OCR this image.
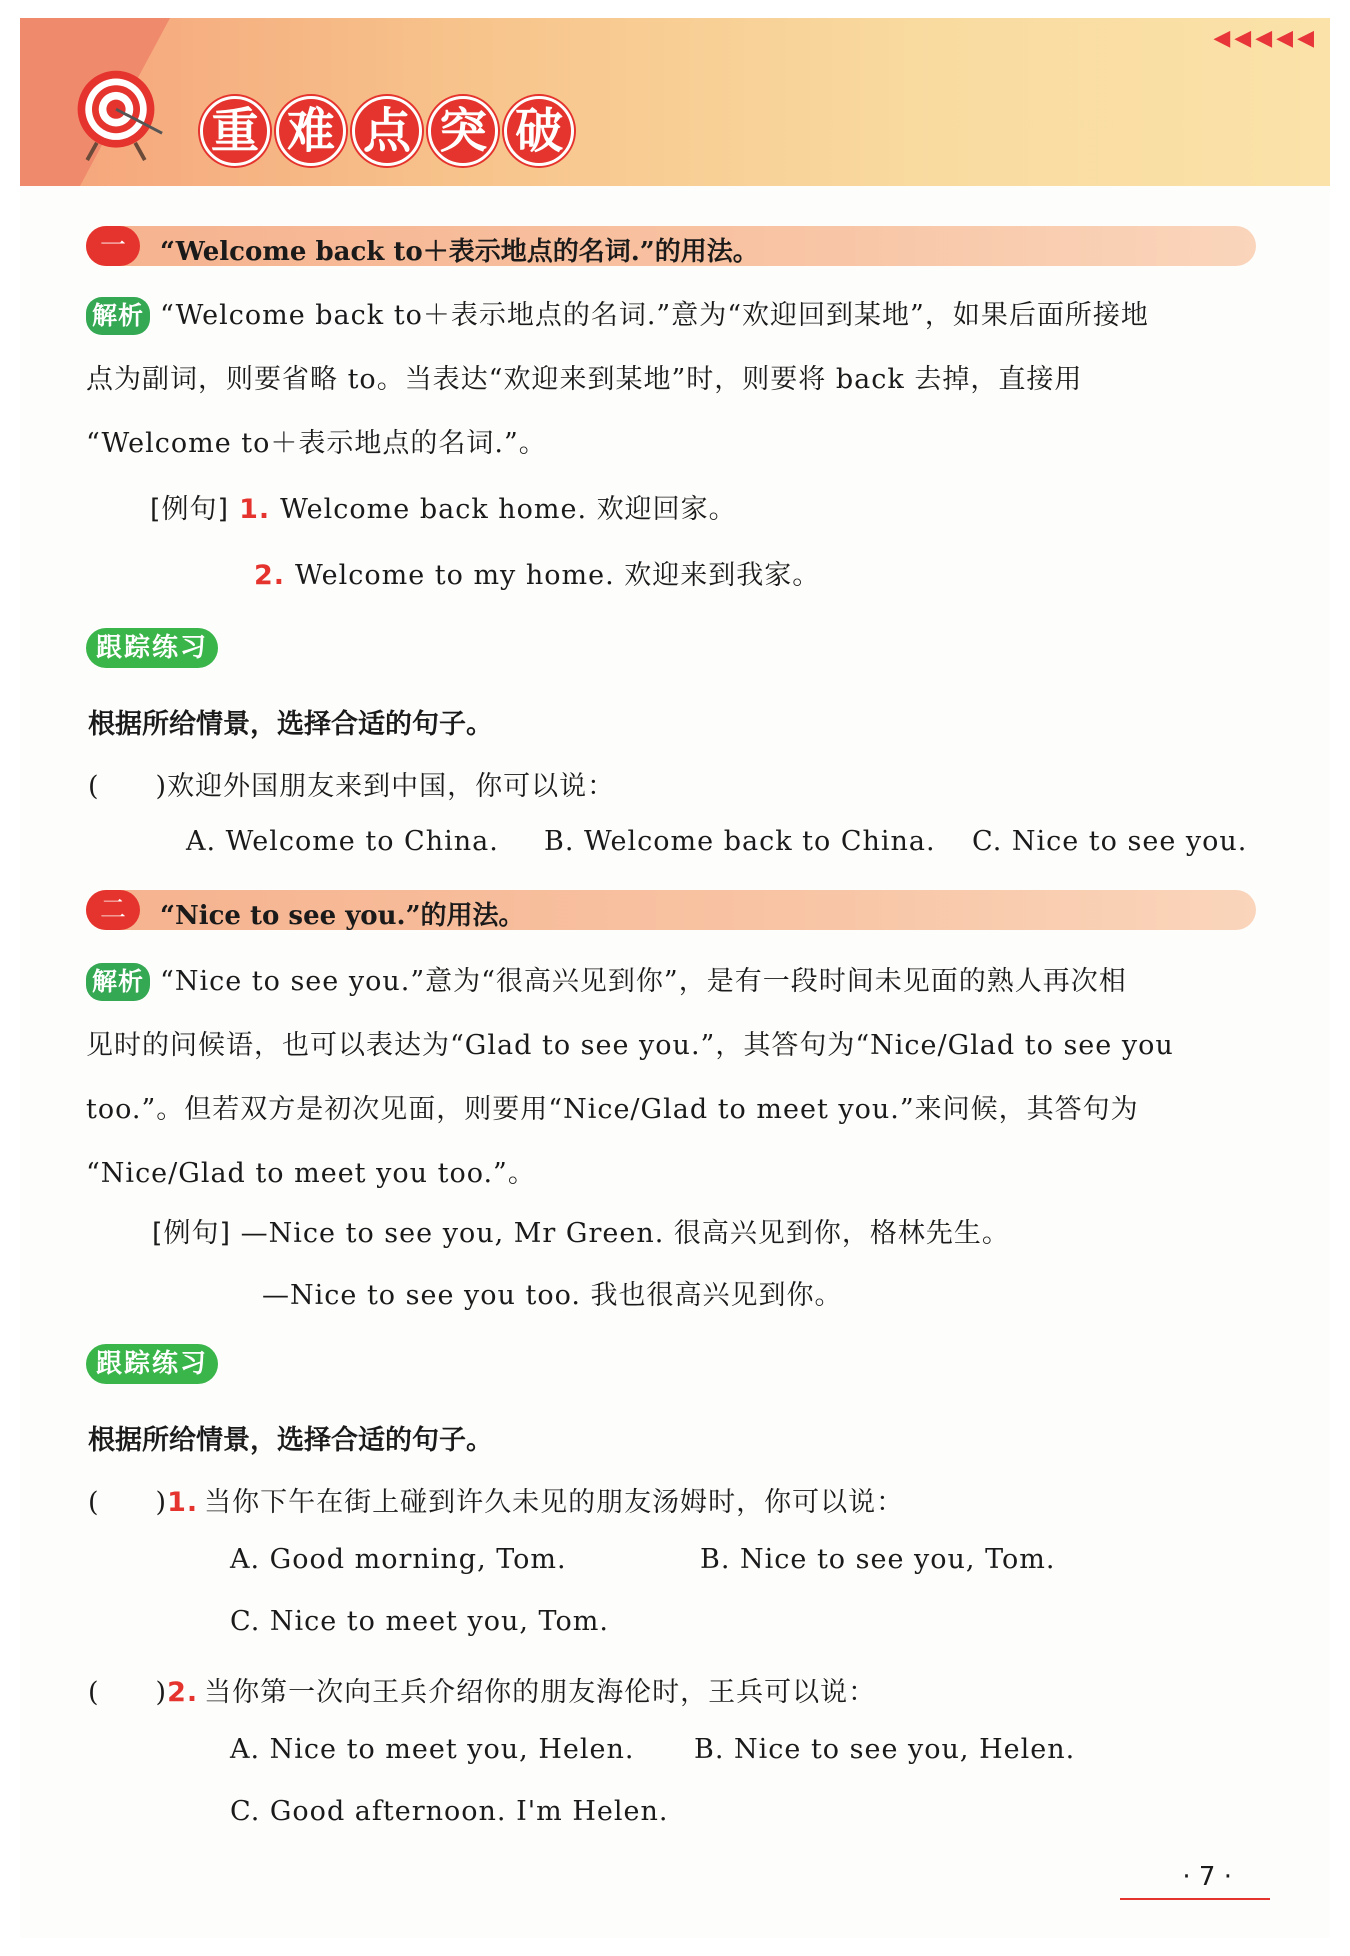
◀◀◀◀◀
重 难 点 突 破
一	“Welcome back to＋表示地点的名词.”的用法。
解析 “Welcome back to＋表示地点的名词.”意为“欢迎回到某地”，如果后面所接地
点为副词，则要省略 to。当表达“欢迎来到某地”时，则要将 back 去掉，直接用
“Welcome to＋表示地点的名词.”。
[例句] 1. Welcome back home. 欢迎回家。
2. Welcome to my home. 欢迎来到我家。
跟踪练习
根据所给情景，选择合适的句子。
(　　)欢迎外国朋友来到中国，你可以说：
A. Welcome to China. B. Welcome back to China. C. Nice to see you.
二	“Nice to see you.”的用法。
解析 “Nice to see you.”意为“很高兴见到你”，是有一段时间未见面的熟人再次相
见时的问候语，也可以表达为“Glad to see you.”，其答句为“Nice/Glad to see you
too.”。但若双方是初次见面，则要用“Nice/Glad to meet you.”来问候，其答句为
“Nice/Glad to meet you too.”。
[例句] —Nice to see you, Mr Green. 很高兴见到你，格林先生。
—Nice to see you too. 我也很高兴见到你。
跟踪练习
根据所给情景，选择合适的句子。
(　　)1. 当你下午在街上碰到许久未见的朋友汤姆时，你可以说：
A. Good morning, Tom.	B. Nice to see you, Tom.
C. Nice to meet you, Tom.
(　　)2. 当你第一次向王兵介绍你的朋友海伦时，王兵可以说：
A. Nice to meet you, Helen. B. Nice to see you, Helen.
C. Good afternoon. I'm Helen.
· 7 ·
